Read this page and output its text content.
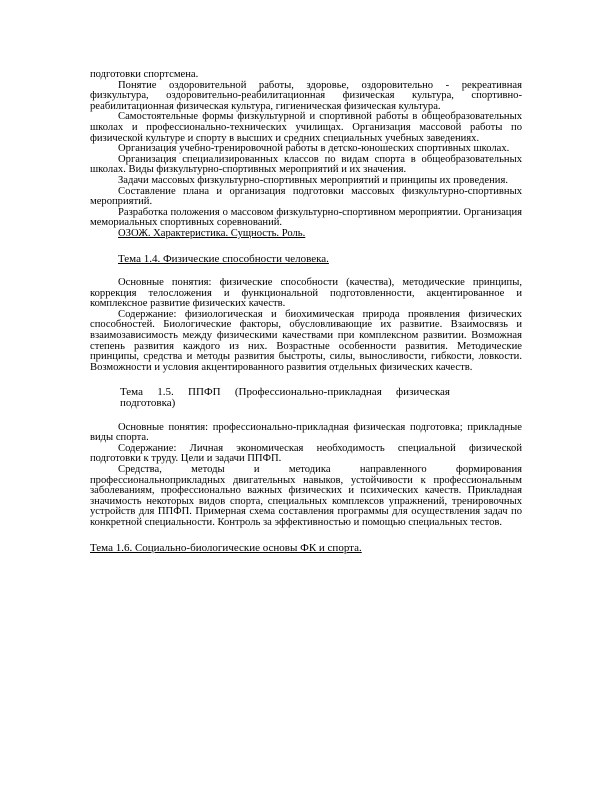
подготовки спортсмена.

Понятие оздоровительной работы, здоровье, оздоровительно - рекреативная физкультура, оздоровительно-реабилитационная физическая культура, спортивно-реабилитационная физическая культура, гигиеническая физическая культура.

Самостоятельные формы физкультурной и спортивной работы в общеобразовательных школах и профессионально-технических училищах. Организация массовой работы по физической культуре и спорту в высших и средних специальных учебных заведениях.

Организация учебно-тренировочной работы в детско-юношеских спортивных школах.

Организация специализированных классов по видам спорта в общеобразовательных школах. Виды физкультурно-спортивных мероприятий и их значения.

Задачи массовых физкультурно-спортивных мероприятий и принципы их проведения.

Составление плана и организация подготовки массовых физкультурно-спортивных мероприятий.

Разработка положения о массовом физкультурно-спортивном мероприятии. Организация мемориальных спортивных соревнований.

ОЗОЖ. Характеристика. Сущность. Роль.

Тема 1.4. Физические способности человека.

Основные понятия: физические способности (качества), методические принципы, коррекция телосложения и функциональной подготовленности, акцентированное и комплексное развитие физических качеств.

Содержание: физиологическая и биохимическая природа проявления физических способностей. Биологические факторы, обусловливающие их развитие. Взаимосвязь и взаимозависимость между физическими качествами при комплексном развитии. Возможная степень развития каждого из них. Возрастные особенности развития. Методические принципы, средства и методы развития быстроты, силы, выносливости, гибкости, ловкости. Возможности и условия акцентированного развития отдельных физических качеств.

Тема 1.5. ППФП (Профессионально-прикладная физическая подготовка)

Основные понятия: профессионально-прикладная физическая подготовка; прикладные виды спорта.

Содержание: Личная экономическая необходимость специальной физической подготовки к труду. Цели и задачи ППФП.

Средства, методы и методика направленного формирования профессиональноприкладных двигательных навыков, устойчивости к профессиональным заболеваниям, профессионально важных физических и психических качеств. Прикладная значимость некоторых видов спорта, специальных комплексов упражнений, тренировочных устройств для ППФП. Примерная схема составления программы для осуществления задач по конкретной специальности. Контроль за эффективностью и помощью специальных тестов.

Тема 1.6. Социально-биологические основы ФК и спорта.
